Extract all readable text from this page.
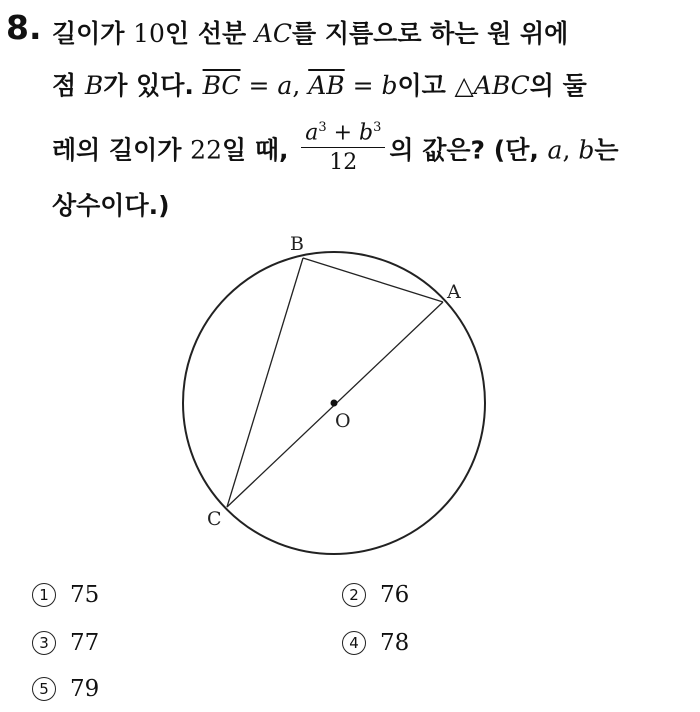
8. 길이가 10인 선분 AC를 지름으로 하는 원 위에
점 B가 있다. $\overline{BC} = a$, $\overline{AB} = b$이고 △ABC의 둘
레의 길이가 22일 때, $\frac{a^3 + b^3}{12}$ 의 값은? (단, a, b는
상수이다.)
B
A
O
C
1 75	2 76
3 77	4 78
5 79
